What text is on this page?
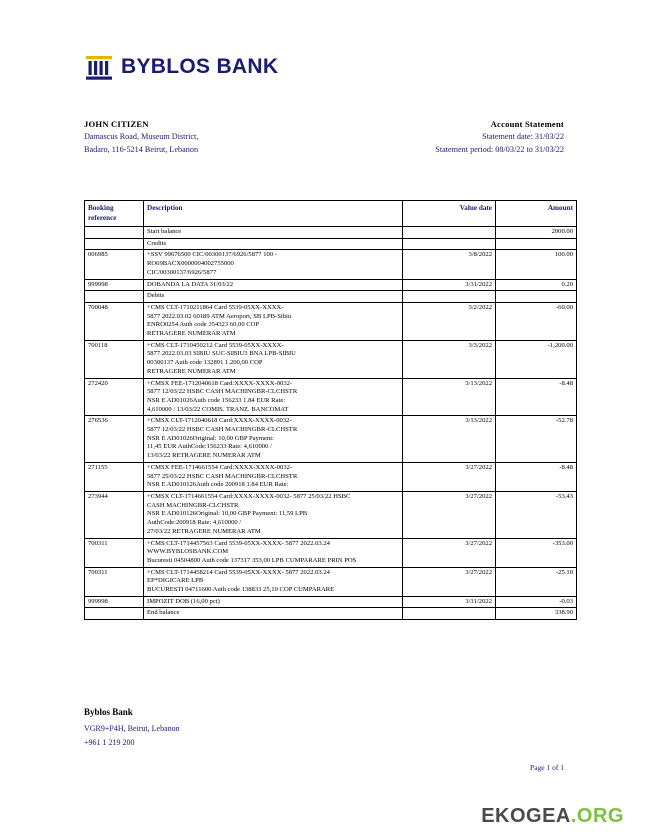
BYBLOS BANK
JOHN CITIZEN
Damascus Road, Museum District,
Badaro, 116-5214 Beirut, Lebanon
Account Statement
Statement date: 31/03/22
Statement period: 08/03/22 to 31/03/22
Booking reference	Description	Value date	Amount

	Start balance		2000.00

	Credits		

006985	+SSV 99676500 CIC/00300137/6926/5877 100 -
RO69BACX0000004002755000
CIC/00300137/6926/5877	3/8/2022	100.00
999998	DOBANDA LA DATA 31/03/22	3/31/2022	0.20

	Debits		

700048	+CMS CLT-1710211864 Card 5539-05XX-XXXX-
5877 2022.03.02 60189 ATM Aeroport, SB LPB-Sibiu
ENRO0254 Auth code 354323 60,00 COP
RETRAGERE NUMERAR ATM	3/2/2022	-60.00
700118	+CMS CLT-1710450212 Card 5539-05XX-XXXX-
5877 2022.03.03 SIBIU SUC-SIBIU3 BNA LPB-SIBIU
00300137 Auth code 132891 1.200,00 COP
RETRAGERE NUMERAR ATM	3/3/2022	-1,200.00
272420	+CMSX FEE-1712040618 Card:XXXX-XXXX-0032-
5877 12/03/22 HSBC CASH MACHINGBR-CLCHSTR
NSR E AD01026Auth code 156233 1.84 EUR Rate:
4,610000 / 13/03/22 COMIS. TRANZ. BANCOMAT	3/13/2022	-8.48
276536	+CMSX CLT-1712040618 Card:XXXX-XXXX-0032-
5877 12/03/22 HSBC CASH MACHINGBR-CLCHSTR
NSR E AD01026Original: 10,00 GBP Payment:
11,45 EUR AuthCode:156233 Rate: 4,610000 /
13/03/22 RETRAGERE NUMERAR ATM	3/13/2022	-52.78
271155	+CMSX FEE-1714661554 Card:XXXX-XXXX-0032-
5877 25/03/22 HSBC CASH MACHINGBR-CLCHSTR
NSR E AD010126Auth code 200918 1.84 EUR Rate:	3/27/2022	-8.48
273944	+CMSX CLT-1714661554 Card:XXXX-XXXX-0032- 5877 25/03/22 HSBC
CASH MACHINGBR-CLCHSTR
NSR E AD010126Original: 10,00 GBP Payment: 11,59 LPB
AuthCode:200918 Rate: 4,610000 /
27/03/22 RETRAGERE NUMERAR ATM	3/27/2022	-53.43
700311	+CMS CLT-1714457563 Card 5539-05XX-XXXX- 5877 2022.03.24
WWW.BYBLOSBANK.COM
Bucuresti 04504800 Auth code 137317 353,00 LPB CUMPARARE PRIN POS	3/27/2022	-353.00
700311	+CMS CLT-1714458214 Card 5539-05XX-XXXX- 5877 2022.03.24
EP*DIGICARE LPB
BUCURESTI 04711600 Auth code 138833 25,10 COP CUMPARARE	3/27/2022	-25.10
999998	IMPOZIT DOB (16,00 pct)	3/31/2022	-0.03

	End balance		338.90
Byblos Bank
VGR9+P4H, Beirut, Lebanon
+961 1 219 200
Page 1 of 1
EKOGEA.ORG
